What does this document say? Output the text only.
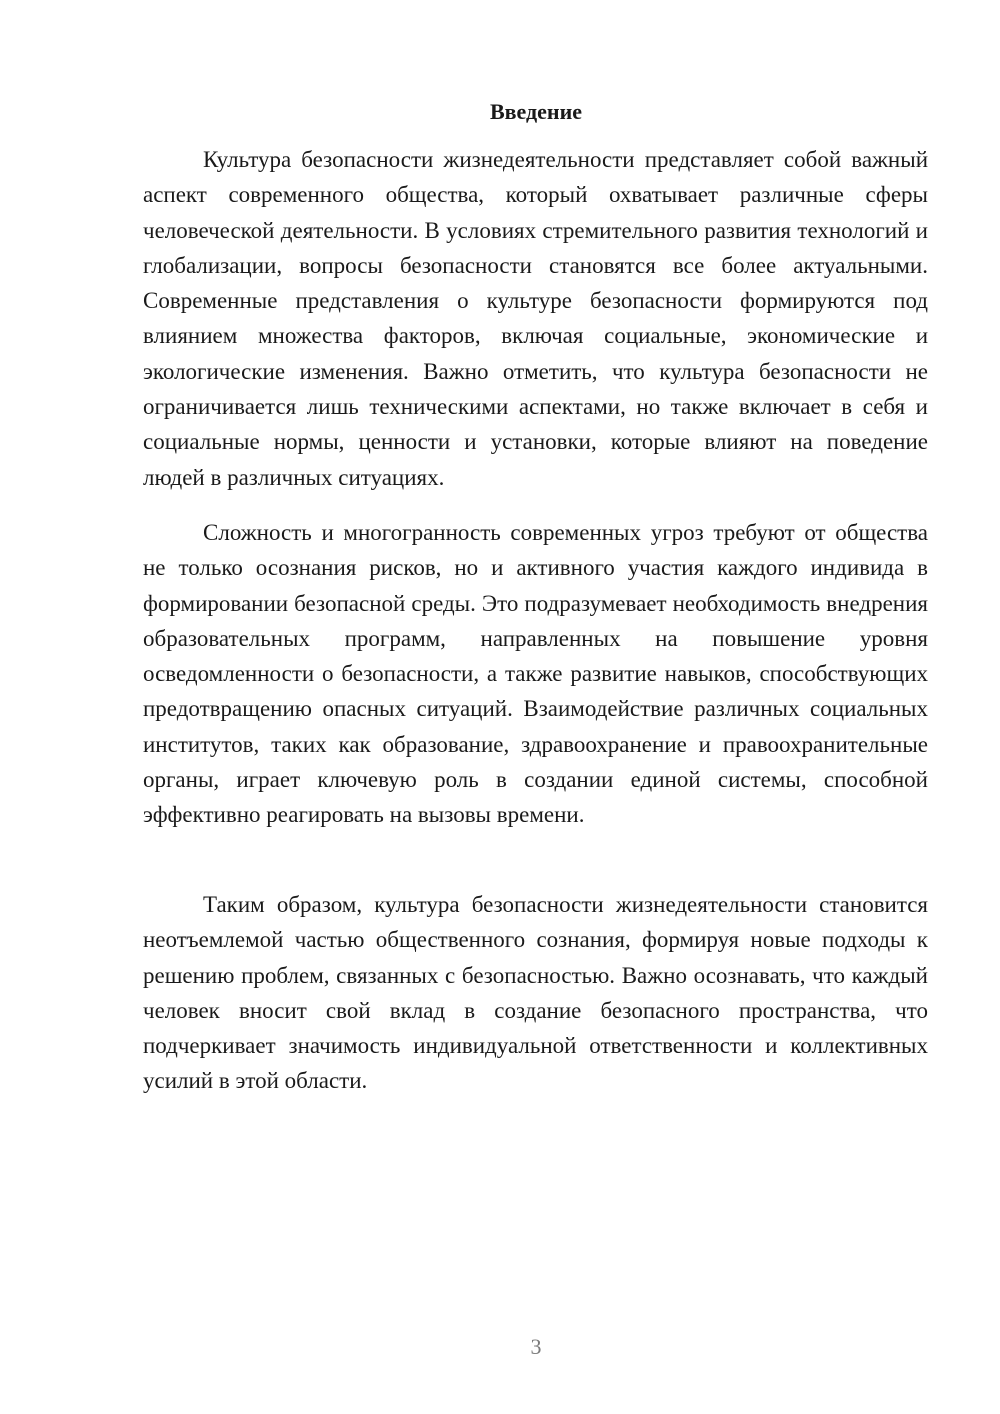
Введение

Культура безопасности жизнедеятельности представляет собой важный аспект современного общества, который охватывает различные сферы человеческой деятельности. В условиях стремительного развития технологий и глобализации, вопросы безопасности становятся все более актуальными. Современные представления о культуре безопасности формируются под влиянием множества факторов, включая социальные, экономические и экологические изменения. Важно отметить, что культура безопасности не ограничивается лишь техническими аспектами, но также включает в себя и социальные нормы, ценности и установки, которые влияют на поведение людей в различных ситуациях.

Сложность и многогранность современных угроз требуют от общества не только осознания рисков, но и активного участия каждого индивида в формировании безопасной среды. Это подразумевает необходимость внедрения образовательных программ, направленных на повышение уровня осведомленности о безопасности, а также развитие навыков, способствующих предотвращению опасных ситуаций. Взаимодействие различных социальных институтов, таких как образование, здравоохранение и правоохранительные органы, играет ключевую роль в создании единой системы, способной эффективно реагировать на вызовы времени.

Таким образом, культура безопасности жизнедеятельности становится неотъемлемой частью общественного сознания, формируя новые подходы к решению проблем, связанных с безопасностью. Важно осознавать, что каждый человек вносит свой вклад в создание безопасного пространства, что подчеркивает значимость индивидуальной ответственности и коллективных усилий в этой области.

3
